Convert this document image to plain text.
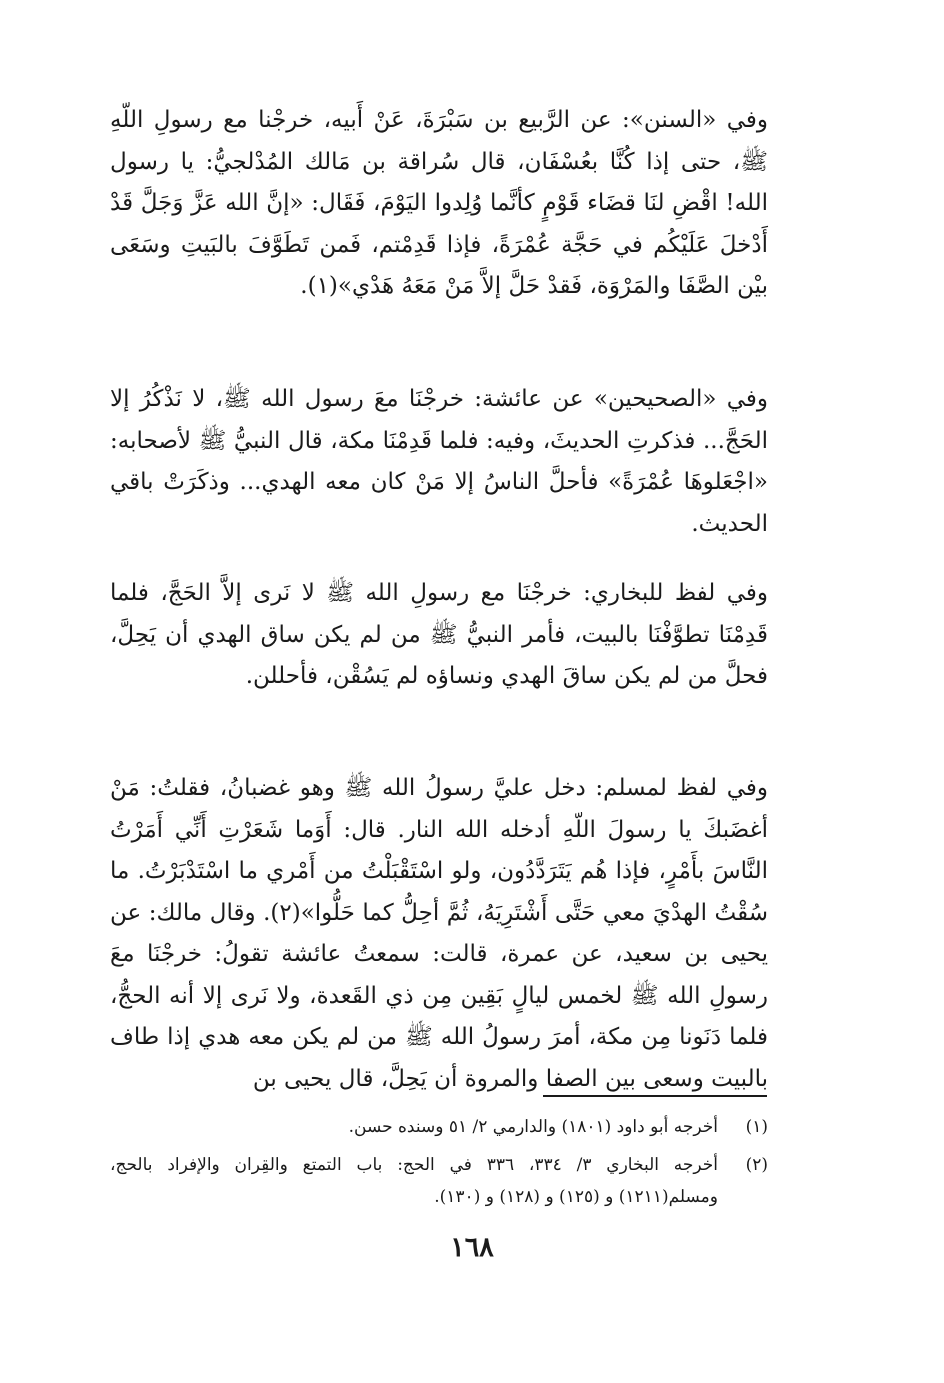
وفي «السنن»: عن الرَّبيع بن سَبْرَةَ، عَنْ أَبيه، خرجْنا مع رسولِ اللّهِ ﷺ، حتى إذا كُنَّا بعُسْفَان، قال سُراقة بن مَالك المُدْلجيُّ: يا رسول الله! اقْضِ لنَا قضَاء قَوْمٍ كأنَّما وُلِدوا اليَوْمَ، فَقَال: «إنَّ الله عَزَّ وَجَلَّ قَدْ أَدْخلَ عَلَيْكُم في حَجَّة عُمْرَةً، فإذا قَدِمْتم، فَمن تَطَوَّفَ بالبَيتِ وسَعَى بيْن الصَّفَا والمَرْوَة، فَقدْ حَلَّ إلاَّ مَنْ مَعَهُ هَدْي»(١).

وفي «الصحيحين» عن عائشة: خرجْنَا معَ رسول الله ﷺ، لا نَذْكُرُ إلا الحَجَّ... فذكرتِ الحديثَ، وفيه: فلما قَدِمْنَا مكة، قال النبيُّ ﷺ لأصحابه: «اجْعَلوهَا عُمْرَةً» فأحلَّ الناسُ إلا مَنْ كان معه الهدي... وذكَرَتْ باقي الحديث.

وفي لفظ للبخاري: خرجْنَا مع رسولِ الله ﷺ لا نَرى إلاَّ الحَجَّ، فلما قَدِمْنَا تطوَّفْنَا بالبيت، فأمر النبيُّ ﷺ من لم يكن ساق الهدي أن يَحِلَّ، فحلَّ من لم يكن ساقَ الهدي ونساؤه لم يَسُقْن، فأحللن.

وفي لفظ لمسلم: دخل عليَّ رسولُ الله ﷺ وهو غضبانُ، فقلتُ: مَنْ أغضَبكَ يا رسولَ اللّهِ أدخله الله النار. قال: أَوَما شَعَرْتِ أَنِّي أَمَرْتُ النَّاسَ بأَمْرٍ، فإذا هُم يَتَرَدَّدُون، ولو اسْتَقْبَلْتُ من أَمْري ما اسْتَدْبَرْتُ. ما سُقْتُ الهدْيَ معي حَتَّى أَشْتَرِيَهُ، ثُمَّ أحِلُّ كما حَلُّوا»(٢). وقال مالك: عن يحيى بن سعيد، عن عمرة، قالت: سمعتُ عائشة تقولُ: خرجْنَا معَ رسولِ الله ﷺ لخمس ليالٍ بَقِين مِن ذي القَعدة، ولا نَرى إلا أنه الحجُّ، فلما دَنَونا مِن مكة، أمرَ رسولُ الله ﷺ من لم يكن معه هدي إذا طاف بالبيت وسعى بين الصفا والمروة أن يَحِلَّ، قال يحيى بن

(١)
أخرجه أبو داود (١٨٠١) والدارمي ٢/ ٥١ وسنده حسن.
(٢)
أخرجه البخاري ٣/ ٣٣٤، ٣٣٦ في الحج: باب التمتع والقِران والإفراد بالحج، ومسلم(١٢١١) و (١٢٥) و (١٢٨) و (١٣٠).
١٦٨
